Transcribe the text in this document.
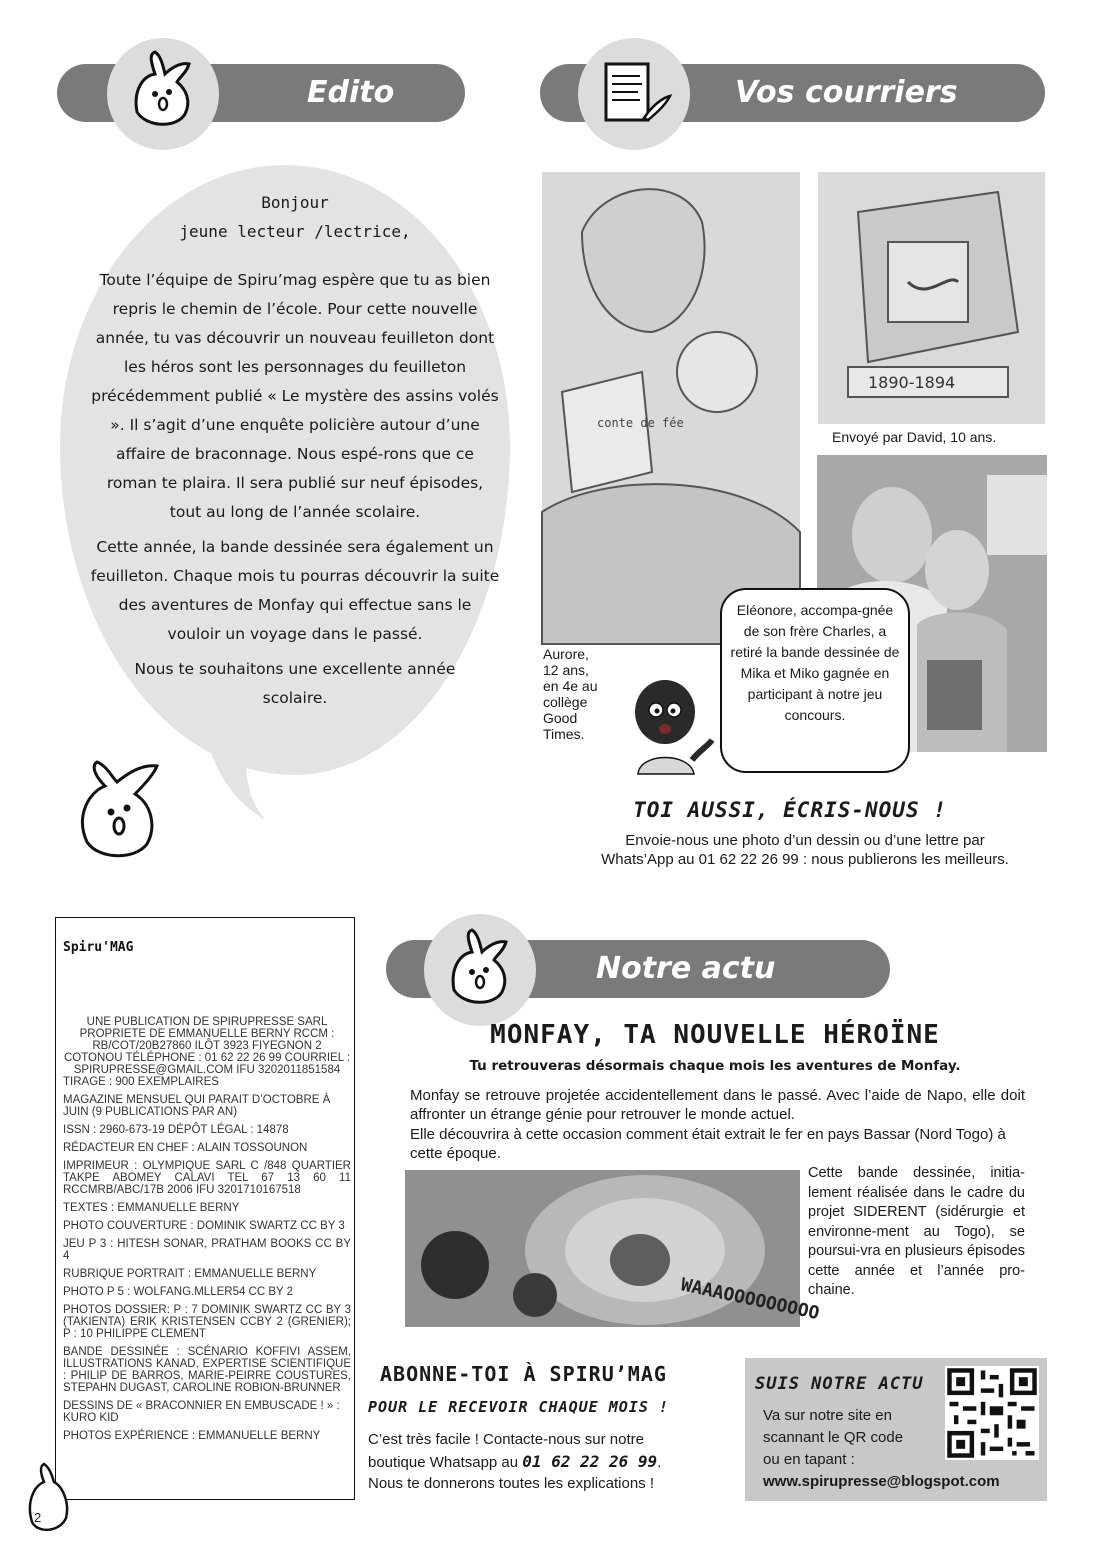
Edito	Vos courriers
Bonjour
jeune lecteur /lectrice,

Toute l’équipe de Spiru’mag espère que tu as bien repris le chemin de l’école. Pour cette nouvelle année, tu vas découvrir un nouveau feuilleton dont les héros sont les personnages du feuilleton précédemment publié « Le mystère des assins volés ». Il s’agit d’une enquête policière autour d’une affaire de braconnage. Nous espé-rons que ce roman te plaira. Il sera publié sur neuf épisodes, tout au long de l’année scolaire.

Cette année, la bande dessinée sera également un feuilleton. Chaque mois tu pourras découvrir la suite des aventures de Monfay qui effectue sans le vouloir un voyage dans le passé.

Nous te souhaitons une excellente année scolaire.

conte de fée
1890-1894
Envoyé par David, 10 ans.
Aurore, 12 ans, en 4e au collège Good Times.
Eléonore, accompa-gnée de son frère Charles, a retiré la bande dessinée de Mika et Miko gagnée en participant à notre jeu concours.
TOI AUSSI, ÉCRIS-NOUS !
Envoie-nous une photo d’un dessin ou d’une lettre par
Whats’App au 01 62 22 26 99 : nous publierons les meilleurs.
Spiru'MAG
UNE PUBLICATION DE SPIRUPRESSE SARL PROPRIETE DE EMMANUELLE BERNY RCCM : RB/COT/20B27860 ILÔT 3923 FIYEGNON 2 COTONOU TÉLÉPHONE : 01 62 22 26 99 COURRIEL : SPIRUPRESSE@GMAIL.COM IFU 3202011851584
TIRAGE : 900 EXEMPLAIRES
MAGAZINE MENSUEL QUI PARAIT D’OCTOBRE À JUIN (9 PUBLICATIONS PAR AN)
ISSN : 2960-673-19 DÉPÔT LÉGAL : 14878
RÉDACTEUR EN CHEF : ALAIN TOSSOUNON
IMPRIMEUR : OLYMPIQUE SARL C /848 QUARTIER TAKPE ABOMEY CALAVI TEL 67 13 60 11 RCCMRB/ABC/17B 2006 IFU 3201710167518
TEXTES : EMMANUELLE BERNY
PHOTO COUVERTURE : DOMINIK SWARTZ CC BY 3
JEU P 3 : HITESH SONAR, PRATHAM BOOKS CC BY 4
RUBRIQUE PORTRAIT : EMMANUELLE BERNY
PHOTO P 5 : WOLFANG.MLLER54 CC BY 2
PHOTOS DOSSIER: P : 7 DOMINIK SWARTZ CC BY 3 (TAKIENTA) ERIK KRISTENSEN CCBY 2 (GRENIER); P : 10 PHILIPPE CLEMENT
BANDE DESSINÉE : SCÉNARIO KOFFIVI ASSEM, ILLUSTRATIONS KANAD, EXPERTISE SCIENTIFIQUE : PHILIP DE BARROS, MARIE-PEIRRE COUSTURES, STEPAHN DUGAST, CAROLINE ROBION-BRUNNER
DESSINS DE « BRACONNIER EN EMBUSCADE ! » : KURO KID
PHOTOS EXPÉRIENCE : EMMANUELLE BERNY
2
Notre actu
MONFAY, TA NOUVELLE HÉROÏNE
Tu retrouveras désormais chaque mois les aventures de Monfay.
Monfay se retrouve projetée accidentellement dans le passé. Avec l’aide de Napo, elle doit affronter un étrange génie pour retrouver le monde actuel.
Elle découvrira à cette occasion comment était extrait le fer en pays Bassar (Nord Togo) à cette époque.
WAAAOOOOOOOOO
Cette bande dessinée, initia-lement réalisée dans le cadre du projet SIDERENT (sidérurgie et environne-ment au Togo), se poursui-vra en plusieurs épisodes cette année et l’année pro-chaine.
ABONNE-TOI À SPIRU’MAG
POUR LE RECEVOIR CHAQUE MOIS !
C’est très facile ! Contacte-nous sur notre
boutique Whatsapp au 01 62 22 26 99.
Nous te donnerons toutes les explications !
SUIS NOTRE ACTU
Va sur notre site en
scannant le QR code
ou en tapant :
www.spirupresse@blogspot.com
